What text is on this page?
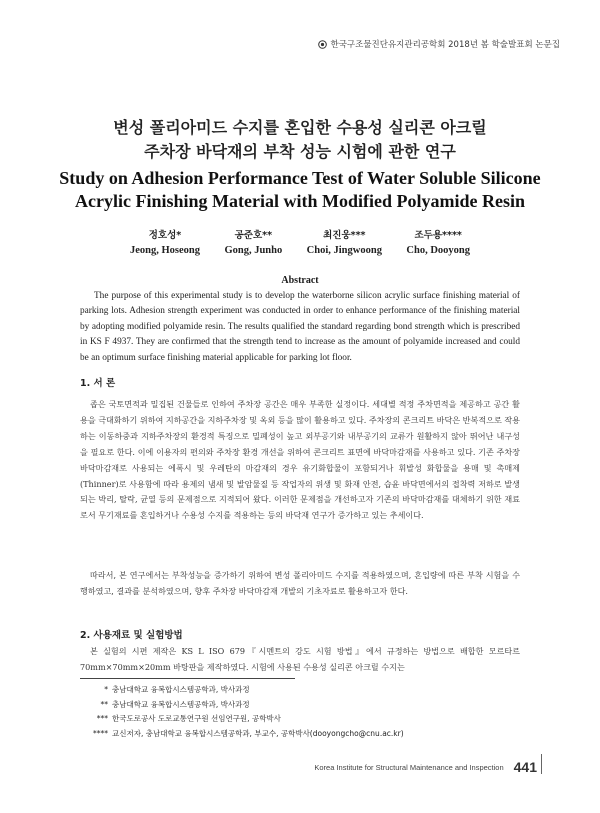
한국구조물진단유지관리공학회 2018년 봄 학술발표회 논문집
변성 폴리아미드 수지를 혼입한 수용성 실리콘 아크릴
주차장 바닥재의 부착 성능 시험에 관한 연구
Study on Adhesion Performance Test of Water Soluble Silicone
Acrylic Finishing Material with Modified Polyamide Resin
정호성*
Jeong, Hoseong
공준호**
Gong, Junho
최진웅***
Choi, Jingwoong
조두용****
Cho, Dooyong
Abstract

The purpose of this experimental study is to develop the waterborne silicon acrylic surface finishing material of parking lots. Adhesion strength experiment was conducted in order to enhance performance of the finishing material by adopting modified polyamide resin. The results qualified the standard regarding bond strength which is prescribed in KS F 4937. They are confirmed that the strength tend to increase as the amount of polyamide increased and could be an optimum surface finishing material applicable for parking lot floor.

1. 서 론

좁은 국토면적과 밀집된 건물들로 인하여 주차장 공간은 매우 부족한 실정이다. 세대별 적정 주차면적을 제공하고 공간 활용을 극대화하기 위하여 지하공간을 지하주차장 및 옥외 등을 많이 활용하고 있다. 주차장의 콘크리트 바닥은 반복적으로 작용하는 이동하중과 지하주차장의 환경적 특징으로 밀폐성이 높고 외부공기와 내부공기의 교류가 원활하지 않아 뛰어난 내구성을 필요로 한다. 이에 이용자의 편의와 주차장 환경 개선을 위하여 콘크리트 표면에 바닥마감재를 사용하고 있다. 기존 주차장 바닥마감재로 사용되는 에폭시 및 우레탄의 마감재의 경우 유기화합물이 포함되거나 휘발성 화합물을 용매 및 촉매제(Thinner)로 사용함에 따라 용제의 냄새 및 발암물질 등 작업자의 위생 및 화재 안전, 습윤 바닥면에서의 접착력 저하로 발생되는 박리, 탈락, 균열 등의 문제점으로 지적되어 왔다. 이러한 문제점을 개선하고자 기존의 바닥마감재를 대체하기 위한 재료로서 무기재료를 혼입하거나 수용성 수지를 적용하는 등의 바닥재 연구가 증가하고 있는 추세이다.

따라서, 본 연구에서는 부착성능을 증가하기 위하여 변성 폴리아미드 수지를 적용하였으며, 혼입량에 따른 부착 시험을 수행하였고, 결과를 분석하였으며, 향후 주차장 바닥마감재 개발의 기초자료로 활용하고자 한다.

2. 사용재료 및 실험방법

본 실험의 시편 제작은 KS L ISO 679『시멘트의 강도 시험 방법』에서 규정하는 방법으로 배합한 모르타르 70mm×70mm×20mm 바탕판을 제작하였다. 시험에 사용된 수용성 실리콘 아크릴 수지는

* 충남대학교 융복합시스템공학과, 박사과정
** 충남대학교 융복합시스템공학과, 박사과정
*** 한국도로공사 도로교통연구원 선임연구원, 공학박사
**** 교신저자, 충남대학교 융복합시스템공학과, 부교수, 공학박사(dooyongcho@cnu.ac.kr)
Korea Institute for Structural Maintenance and Inspection 441
